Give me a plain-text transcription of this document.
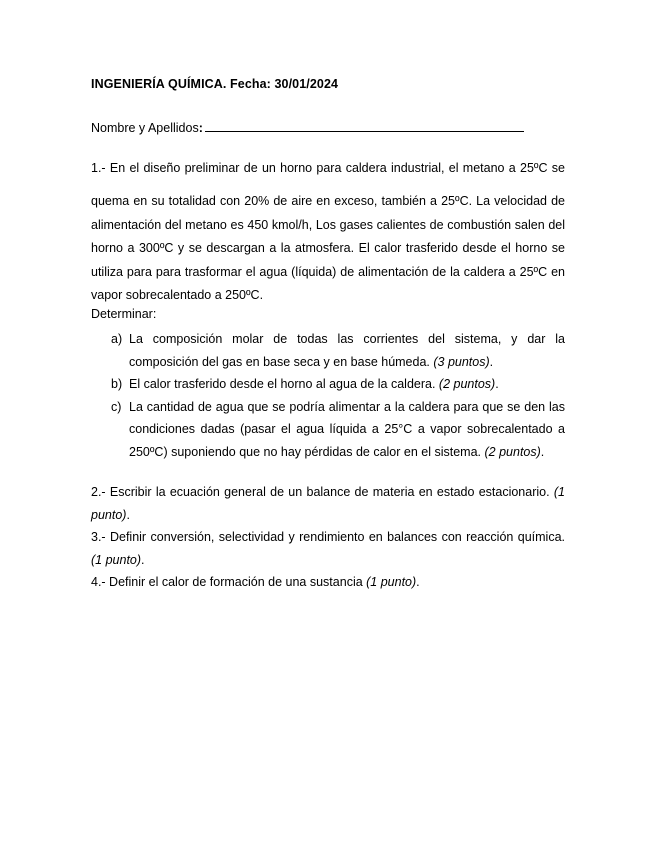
INGENIERÍA QUÍMICA. Fecha: 30/01/2024
Nombre y Apellidos:
1.- En el diseño preliminar de un horno para caldera industrial, el metano a 25ºC se
quema en su totalidad con 20% de aire en exceso, también a 25ºC. La velocidad de alimentación del metano es 450 kmol/h, Los gases calientes de combustión salen del horno a 300ºC y se descargan a la atmosfera. El calor trasferido desde el horno se utiliza para para trasformar el agua (líquida) de alimentación de la caldera a 25ºC en vapor sobrecalentado a 250ºC.
Determinar:
a) La composición molar de todas las corrientes del sistema, y dar la composición del gas en base seca y en base húmeda. (3 puntos).
b) El calor trasferido desde el horno al agua de la caldera. (2 puntos).
c) La cantidad de agua que se podría alimentar a la caldera para que se den las condiciones dadas (pasar el agua líquida a 25°C a vapor sobrecalentado a 250ºC) suponiendo que no hay pérdidas de calor en el sistema. (2 puntos).

2.- Escribir la ecuación general de un balance de materia en estado estacionario. (1 punto).

3.- Definir conversión, selectividad y rendimiento en balances con reacción química. (1 punto).

4.- Definir el calor de formación de una sustancia (1 punto).
